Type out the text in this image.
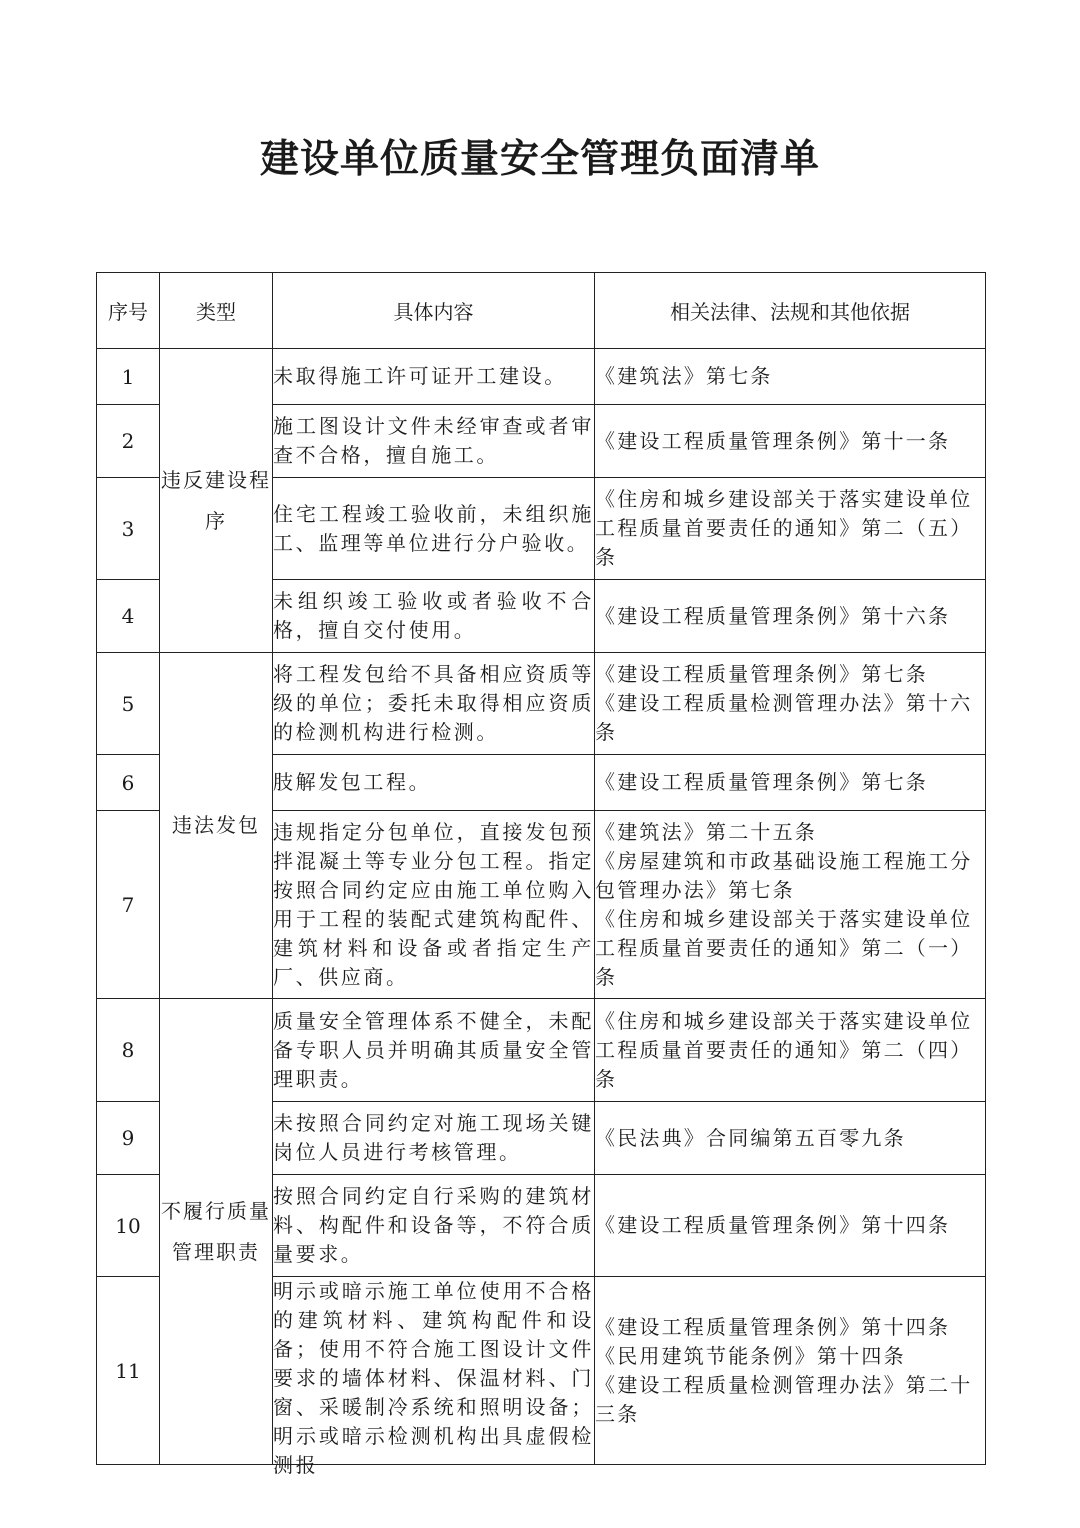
建设单位质量安全管理负面清单
序号	类型	具体内容	相关法律、法规和其他依据
1	违反建设程序	未取得施工许可证开工建设。	《建筑法》第七条

2		施工图设计文件未经审查或者审查不合格，擅自施工。	《建设工程质量管理条例》第十一条

3		住宅工程竣工验收前，未组织施工、监理等单位进行分户验收。	《住房和城乡建设部关于落实建设单位工程质量首要责任的通知》第二（五）条

4		未组织竣工验收或者验收不合格，擅自交付使用。	《建设工程质量管理条例》第十六条

5	违法发包	将工程发包给不具备相应资质等级的单位；委托未取得相应资质的检测机构进行检测。	《建设工程质量管理条例》第七条
《建设工程质量检测管理办法》第十六条

6		肢解发包工程。	《建设工程质量管理条例》第七条

7		违规指定分包单位，直接发包预拌混凝土等专业分包工程。指定按照合同约定应由施工单位购入用于工程的装配式建筑构配件、建筑材料和设备或者指定生产厂、供应商。	《建筑法》第二十五条
《房屋建筑和市政基础设施工程施工分包管理办法》第七条
《住房和城乡建设部关于落实建设单位工程质量首要责任的通知》第二（一）条

8	不履行质量管理职责	质量安全管理体系不健全，未配备专职人员并明确其质量安全管理职责。	《住房和城乡建设部关于落实建设单位工程质量首要责任的通知》第二（四）条

9		未按照合同约定对施工现场关键岗位人员进行考核管理。	《民法典》合同编第五百零九条

10		按照合同约定自行采购的建筑材料、构配件和设备等，不符合质量要求。	《建设工程质量管理条例》第十四条

11		明示或暗示施工单位使用不合格的建筑材料、建筑构配件和设备；使用不符合施工图设计文件要求的墙体材料、保温材料、门窗、采暖制冷系统和照明设备；明示或暗示检测机构出具虚假检测报	《建设工程质量管理条例》第十四条
《民用建筑节能条例》第十四条
《建设工程质量检测管理办法》第二十三条
